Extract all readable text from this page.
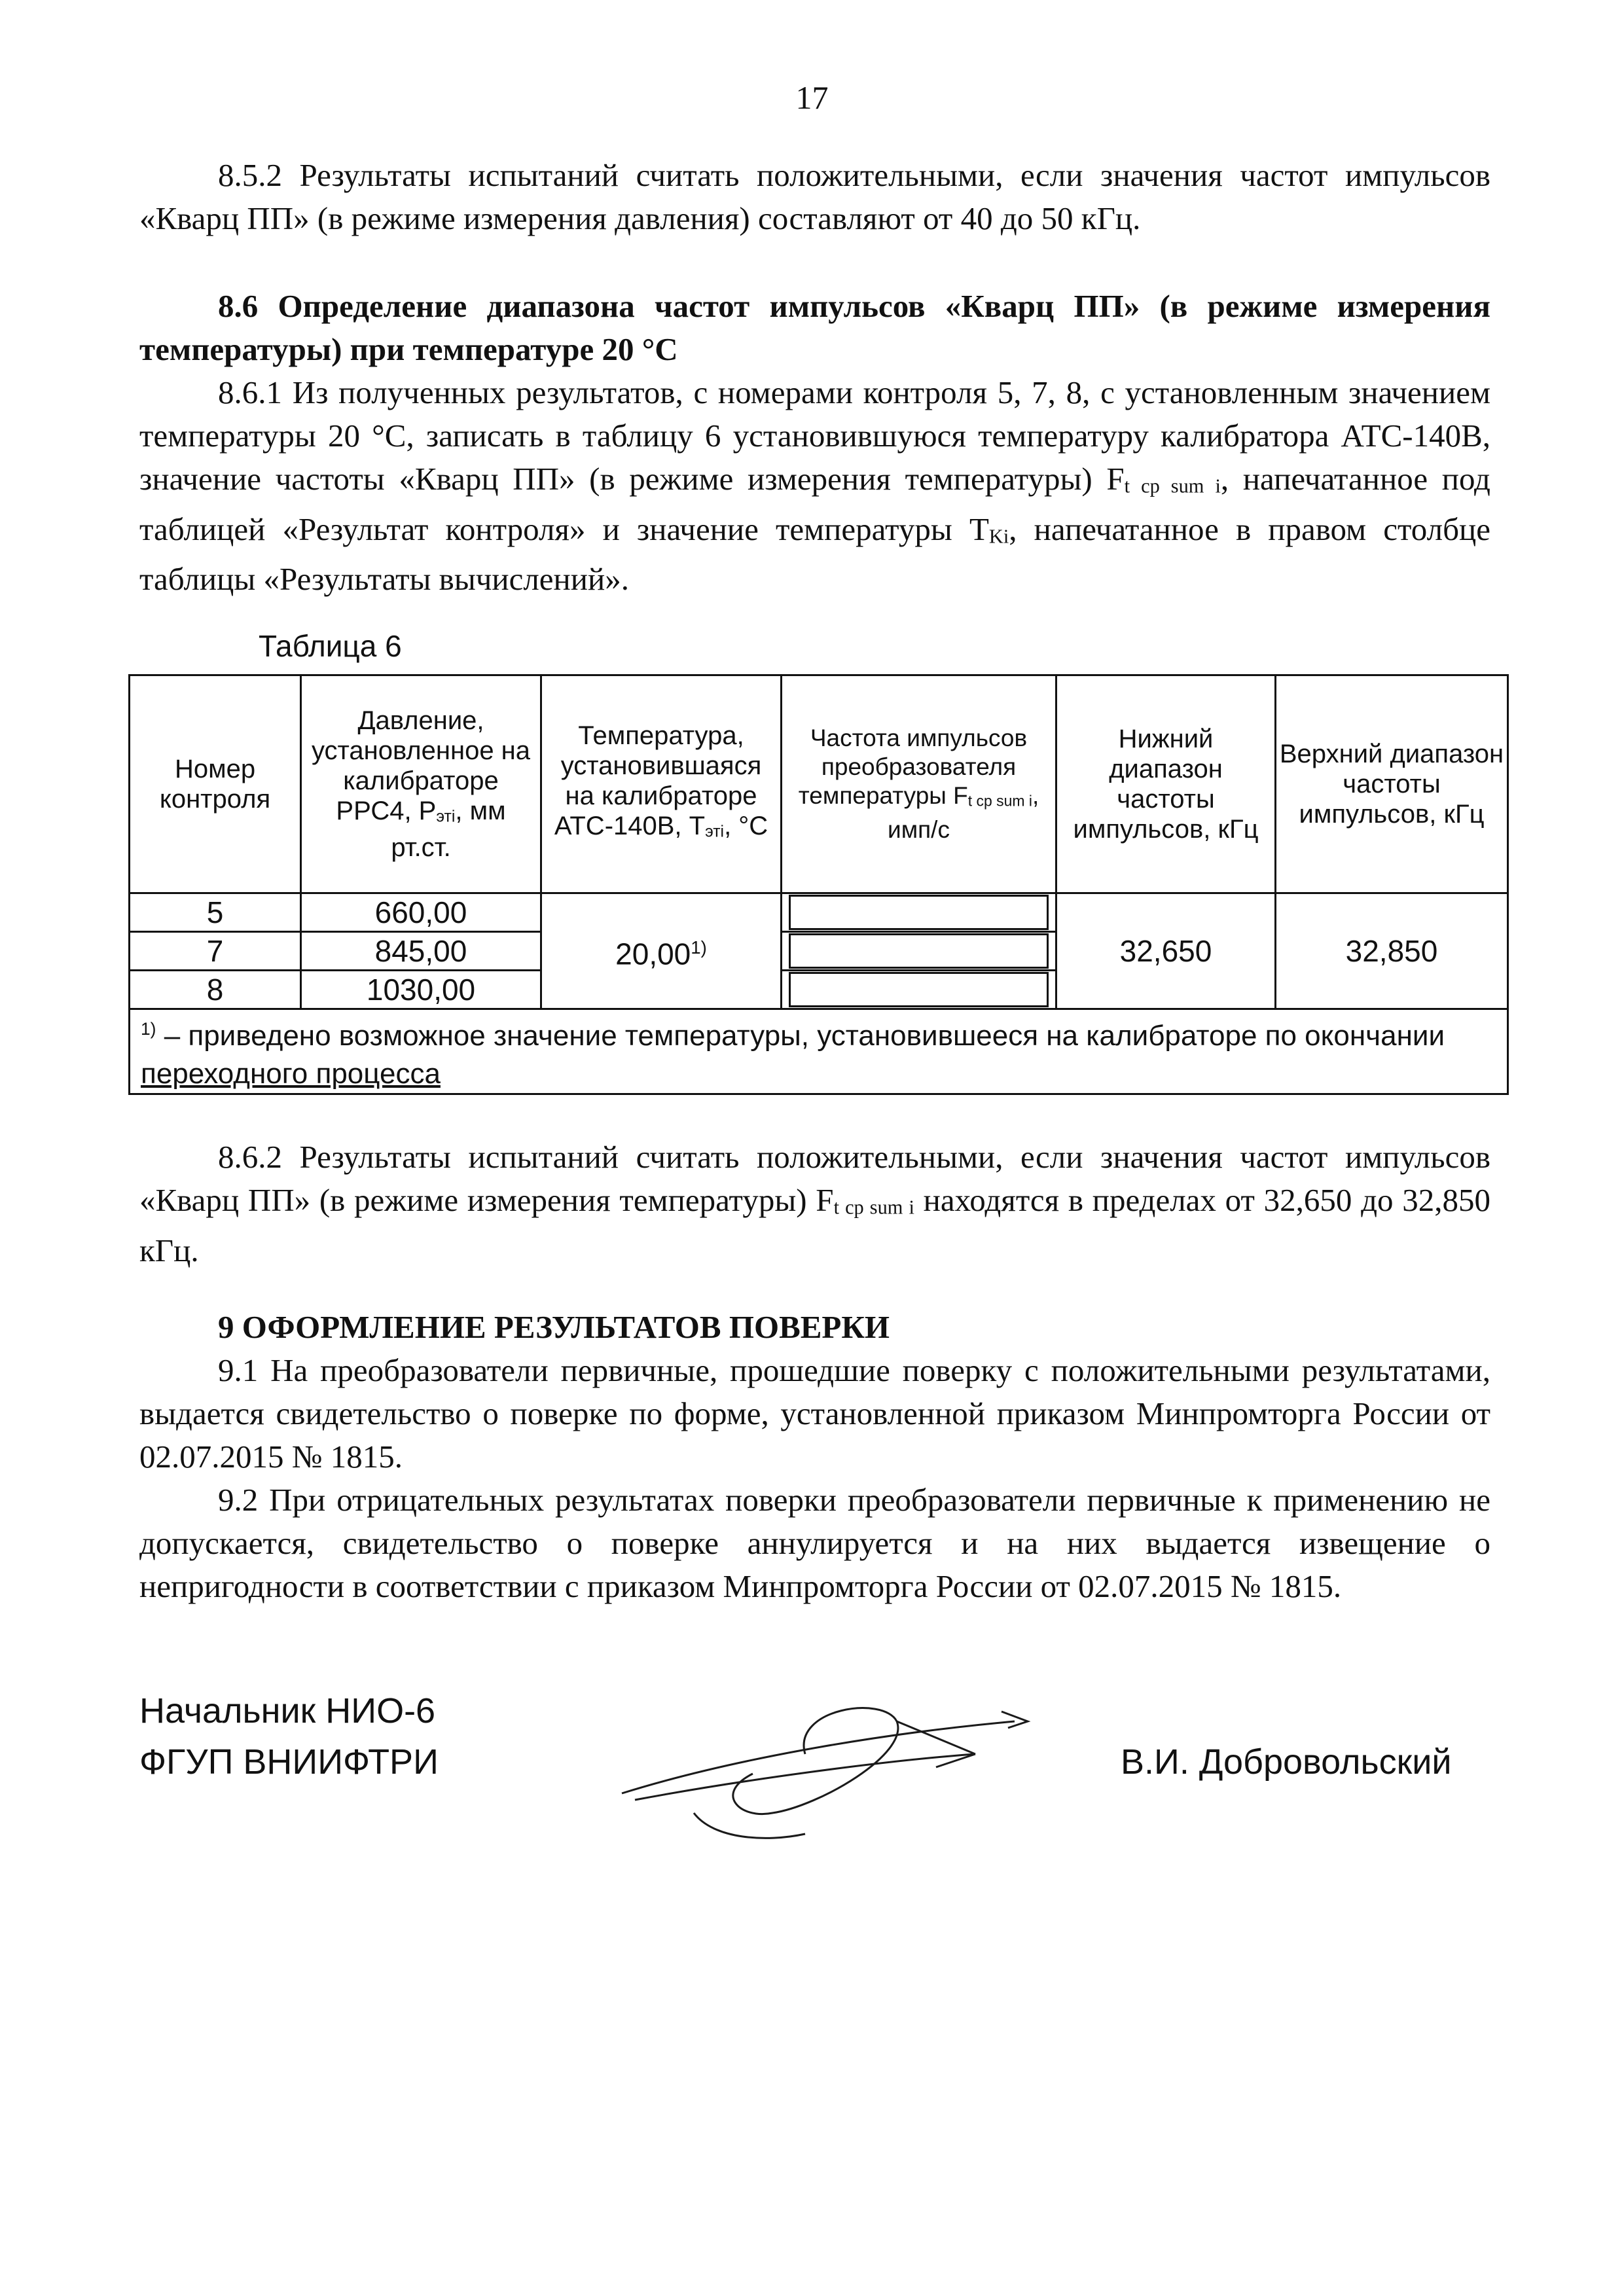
17

8.5.2 Результаты испытаний считать положительными, если значения частот импульсов «Кварц ПП» (в режиме измерения давления) составляют от 40 до 50 кГц.

8.6 Определение диапазона частот импульсов «Кварц ПП» (в режиме измерения температуры) при температуре 20 °С

8.6.1 Из полученных результатов, с номерами контроля 5, 7, 8, с установленным значением температуры 20 °С, записать в таблицу 6 установившуюся температуру калибратора АТС-140В, значение частоты «Кварц ПП» (в режиме измерения температуры) Ft cp sum i, напечатанное под таблицей «Результат контроля» и значение температуры ТKi, напечатанное в правом столбце таблицы «Результаты вычислений».

Таблица 6
Номер контроля	Давление, установленное на калибраторе РРС4, Рэті, мм рт.ст.	Температура, установившаяся на калибраторе АТС-140В, Тэті, °С	Частота импульсов преобразователя температуры Ft cp sum i, имп/с	Нижний диапазон частоты импульсов, кГц	Верхний диапазон частоты импульсов, кГц
5	660,00	20,00$^{1)}$		32,650	32,850
7	845,00				

8	1030,00				

$^{1)}$ – приведено возможное значение температуры, установившееся на калибраторе по окончании
переходного процесса					

8.6.2 Результаты испытаний считать положительными, если значения частот импульсов «Кварц ПП» (в режиме измерения температуры) Ft cp sum i находятся в пределах от 32,650 до 32,850 кГц.

9 ОФОРМЛЕНИЕ РЕЗУЛЬТАТОВ ПОВЕРКИ

9.1 На преобразователи первичные, прошедшие поверку с положительными результатами, выдается свидетельство о поверке по форме, установленной приказом Минпромторга России от 02.07.2015 № 1815.

9.2 При отрицательных результатах поверки преобразователи первичные к применению не допускается, свидетельство о поверке аннулируется и на них выдается извещение о непригодности в соответствии с приказом Минпромторга России от 02.07.2015 № 1815.

Начальник НИО-6
ФГУП ВНИИФТРИ	В.И. Добровольский
